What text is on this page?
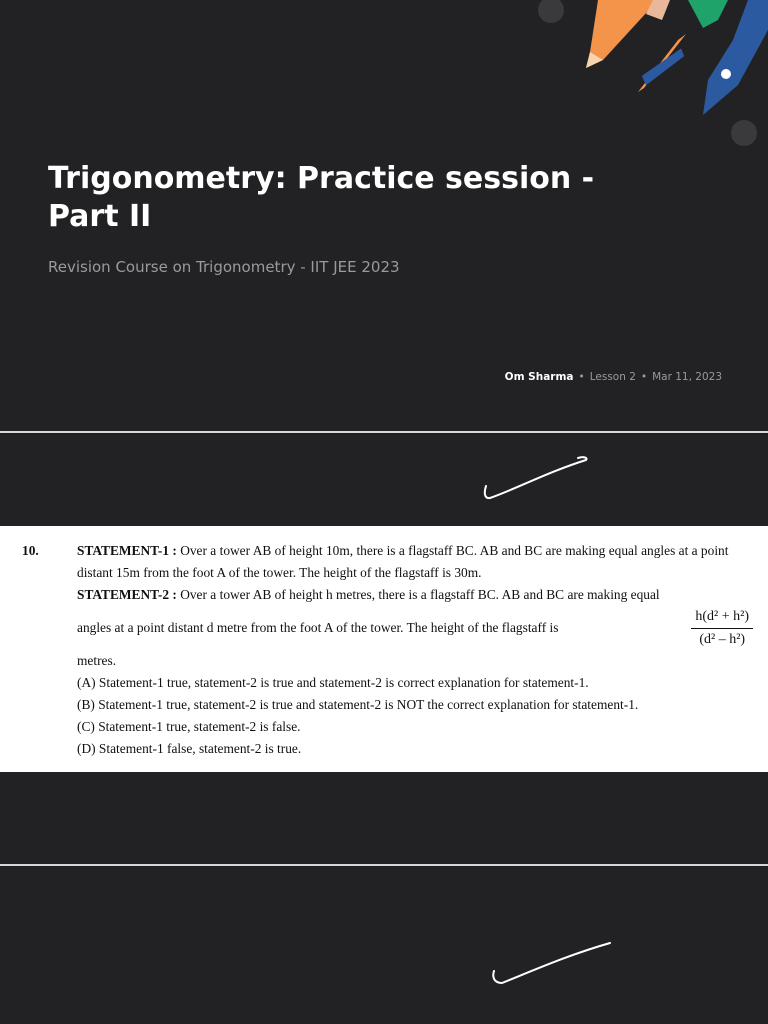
Trigonometry: Practice session - Part II

Revision Course on Trigonometry - IIT JEE 2023

Om Sharma • Lesson 2 • Mar 11, 2023
10.	STATEMENT-1 : Over a tower AB of height 10m, there is a flagstaff BC. AB and BC are making equal angles at a point distant 15m from the foot A of the tower. The height of the flagstaff is 30m.

STATEMENT-2 : Over a tower AB of height h metres, there is a flagstaff BC. AB and BC are making equal

angles at a point distant d metre from the foot A of the tower. The height of the flagstaff is	$\frac{\text{h(d² + h²)}}{\text{(d² – h²)}}$

metres.

(A) Statement-1 true, statement-2 is true and statement-2 is correct explanation for statement-1.

(B) Statement-1 true, statement-2 is true and statement-2 is NOT the correct explanation for statement-1.

(C) Statement-1 true, statement-2 is false.

(D) Statement-1 false, statement-2 is true.
